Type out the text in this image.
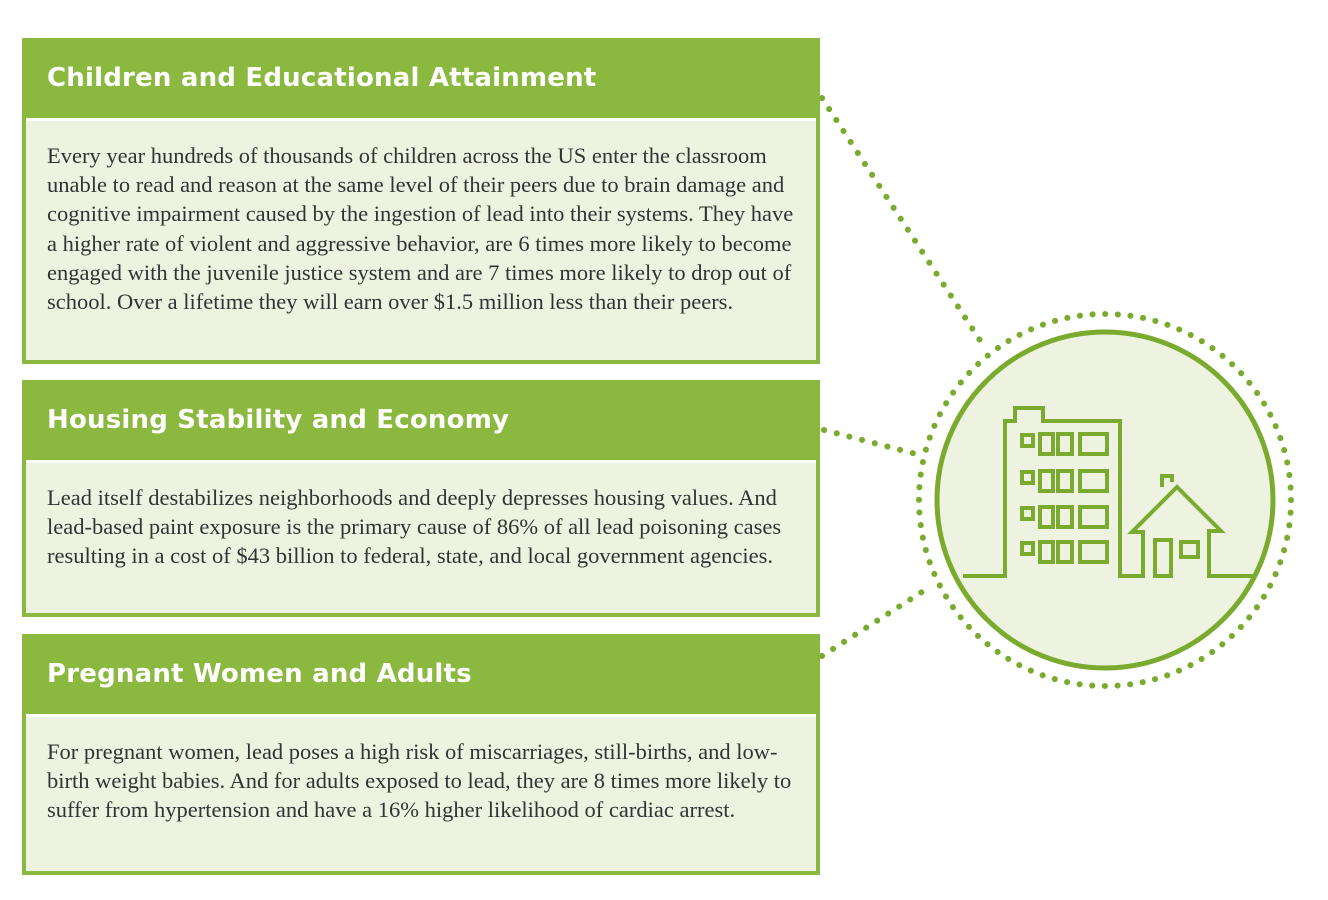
Children and Educational Attainment

Every year hundreds of thousands of children across the US enter the classroom unable to read and reason at the same level of their peers due to brain damage and cognitive impairment caused by the ingestion of lead into their systems. They have a higher rate of violent and aggressive behavior, are 6 times more likely to become engaged with the juvenile justice system and are 7 times more likely to drop out of school. Over a lifetime they will earn over $1.5 million less than their peers.

Housing Stability and Economy

Lead itself destabilizes neighborhoods and deeply depresses housing values. And lead-based paint exposure is the primary cause of 86% of all lead poisoning cases resulting in a cost of $43 billion to federal, state, and local government agencies.

Pregnant Women and Adults

For pregnant women, lead poses a high risk of miscarriages, still-births, and low-birth weight babies. And for adults exposed to lead, they are 8 times more likely to suffer from hypertension and have a 16% higher likelihood of cardiac arrest.
